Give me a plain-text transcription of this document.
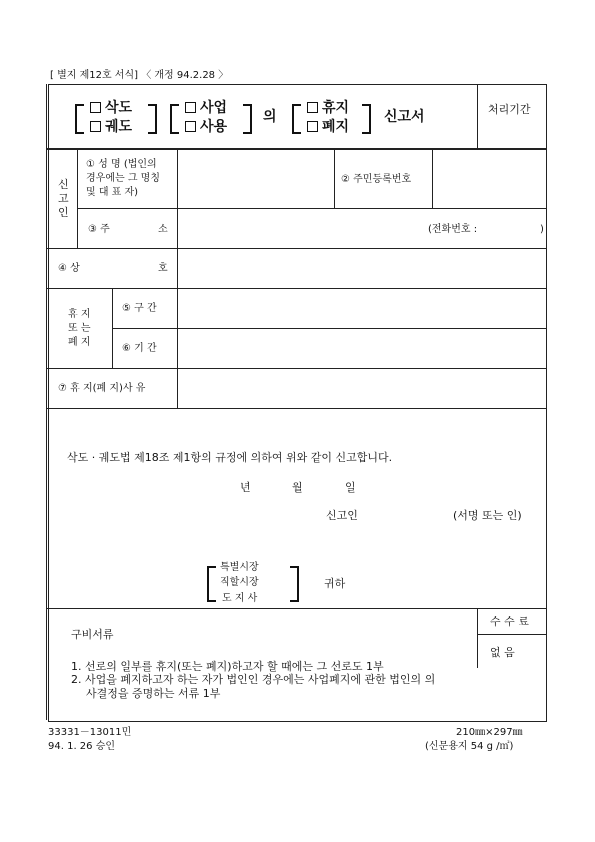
[ 별지 제12호 서식] 〈 개정 94.2.28 〉
삭도
궤도
사업
사용
의
휴지
폐지
신고서	처리기간
신고인
① 성 명 (법인의
경우에는 그 명칭
및 대 표 자)
② 주민등록번호
③ 주	소	(전화번호 :	)
④ 상	호
휴 지
또 는
폐 지
⑤ 구 간
⑥ 기 간
⑦ 휴 지(폐 지)사 유
삭도 · 궤도법 제18조 제1항의 규정에 의하여 위와 같이 신고합니다.
년	월	일
신고인	(서명 또는 인)
특별시장
직할시장
도 지 사
귀하
구비서류
1. 선로의 일부를 휴지(또는 폐지)하고자 할 때에는 그 선로도 1부
2. 사업을 폐지하고자 하는 자가 법인인 경우에는 사업폐지에 관한 법인의 의
사결정을 증명하는 서류 1부
수 수 료
없 음
33331－13011민
94. 1. 26 승인
210㎜×297㎜
(신문용지 54 g /㎡)
